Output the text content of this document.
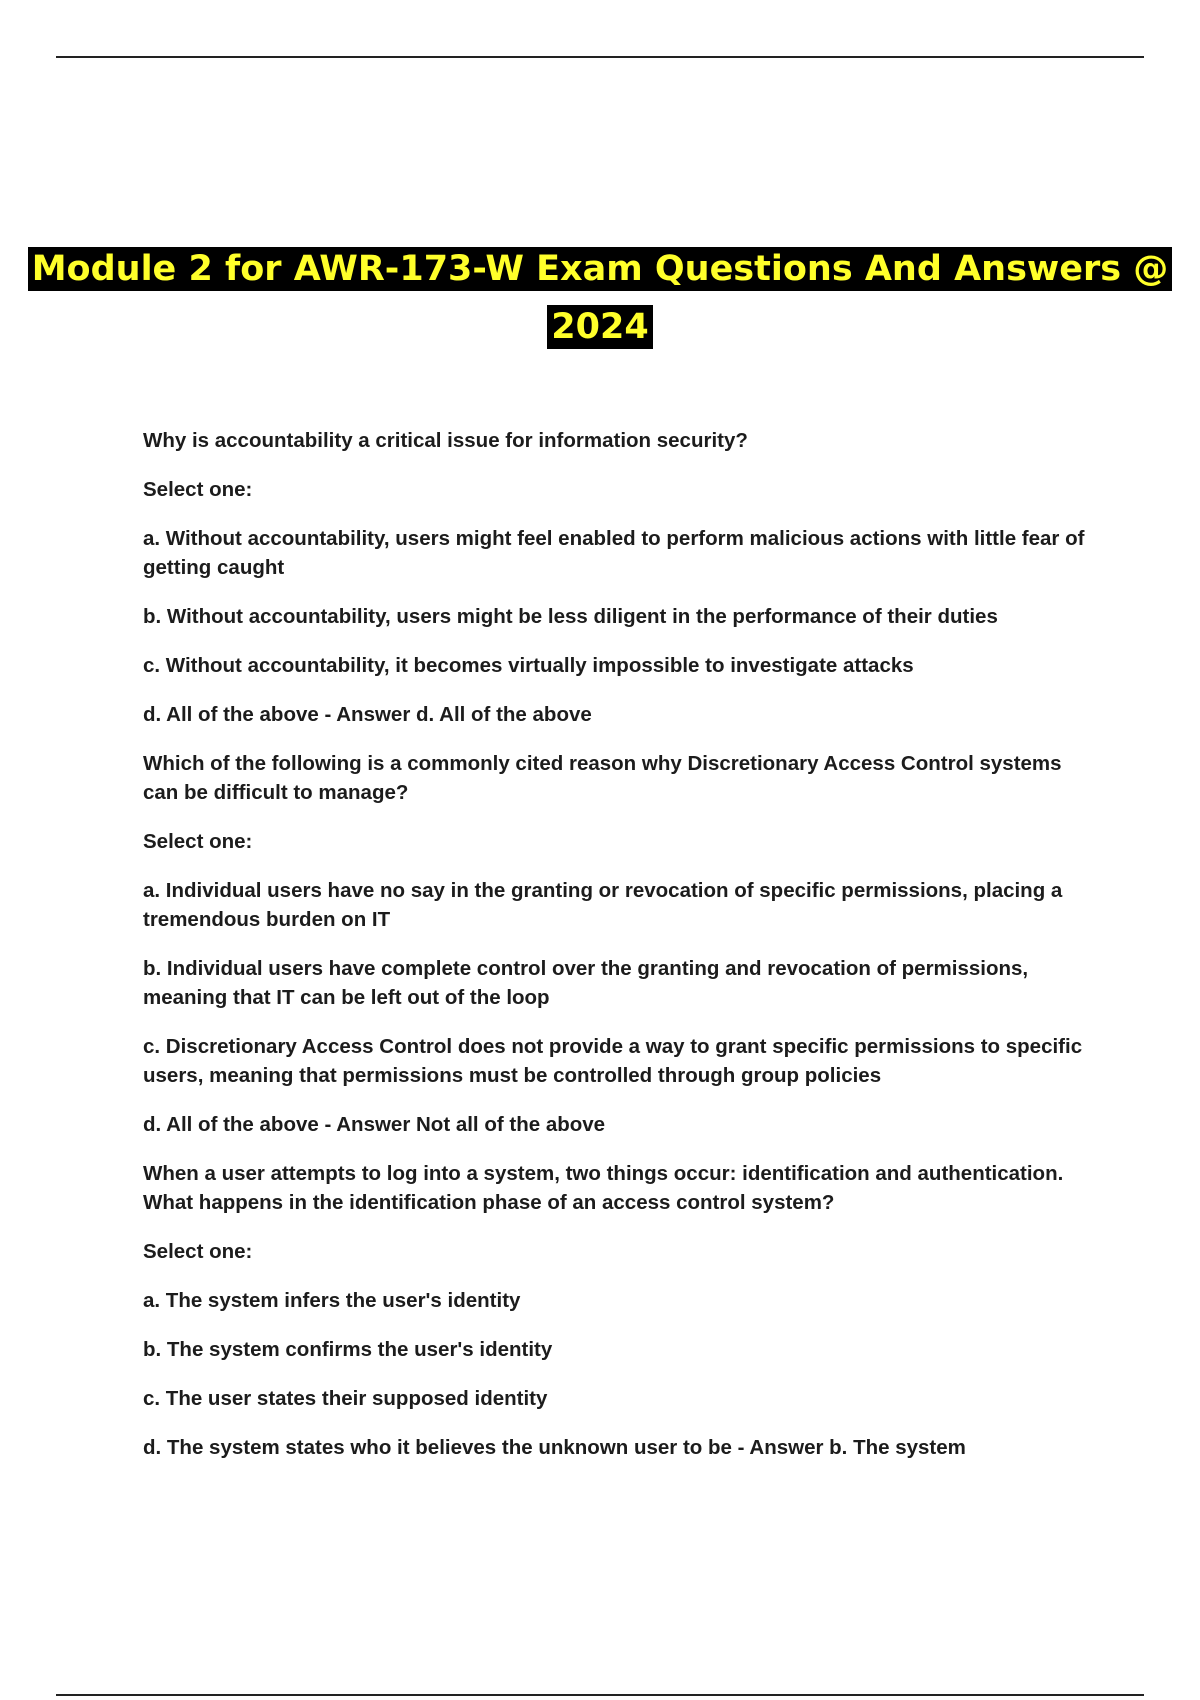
Module 2 for AWR-173-W Exam Questions And Answers @ 2024

Why is accountability a critical issue for information security?

Select one:

a. Without accountability, users might feel enabled to perform malicious actions with little fear of getting caught

b. Without accountability, users might be less diligent in the performance of their duties

c. Without accountability, it becomes virtually impossible to investigate attacks

d. All of the above - Answer d. All of the above

Which of the following is a commonly cited reason why Discretionary Access Control systems can be difficult to manage?

Select one:

a. Individual users have no say in the granting or revocation of specific permissions, placing a tremendous burden on IT

b. Individual users have complete control over the granting and revocation of permissions, meaning that IT can be left out of the loop

c. Discretionary Access Control does not provide a way to grant specific permissions to specific users, meaning that permissions must be controlled through group policies

d. All of the above - Answer Not all of the above

When a user attempts to log into a system, two things occur: identification and authentication. What happens in the identification phase of an access control system?

Select one:

a. The system infers the user's identity

b. The system confirms the user's identity

c. The user states their supposed identity

d. The system states who it believes the unknown user to be - Answer b. The system
